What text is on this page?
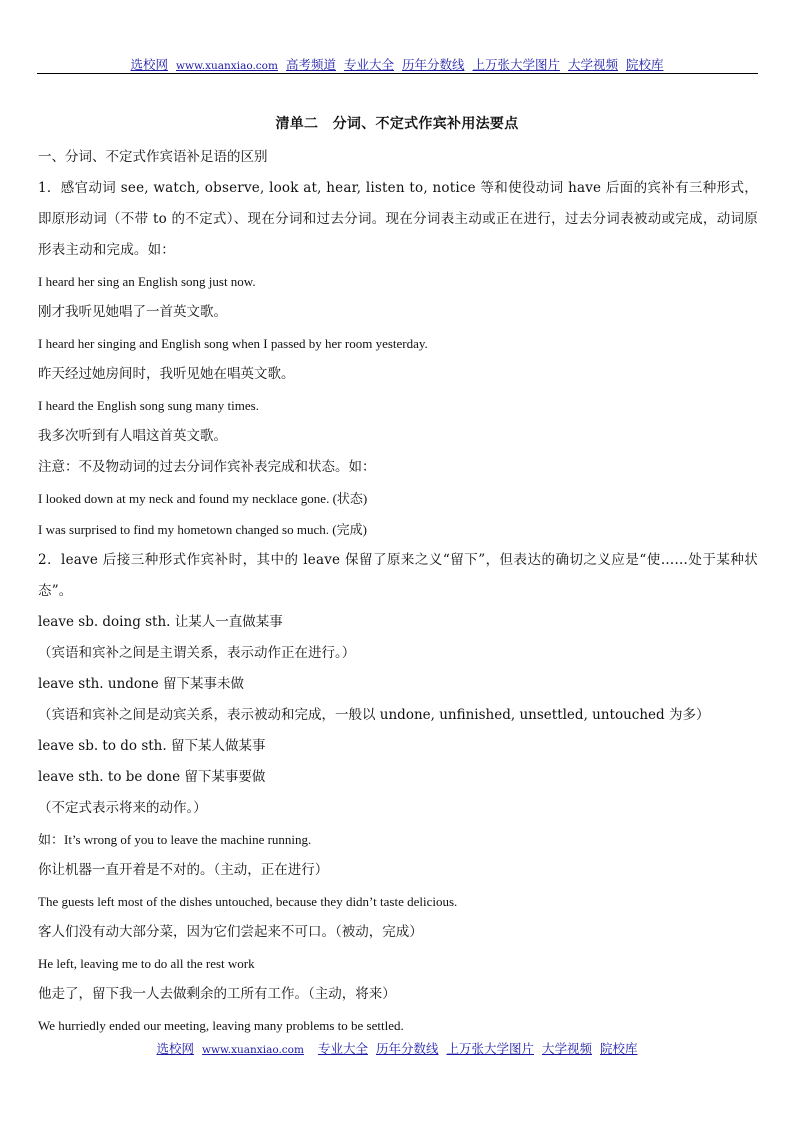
选校网 www.xuanxiao.com 高考频道 专业大全 历年分数线 上万张大学图片 大学视频 院校库
清单二　分词、不定式作宾补用法要点

一、分词、不定式作宾语补足语的区别

1．感官动词 see, watch, observe, look at, hear, listen to, notice 等和使役动词 have 后面的宾补有三种形式，即原形动词（不带 to 的不定式）、现在分词和过去分词。现在分词表主动或正在进行，过去分词表被动或完成，动词原形表主动和完成。如：

I heard her sing an English song just now.

刚才我听见她唱了一首英文歌。

I heard her singing and English song when I passed by her room yesterday.

昨天经过她房间时，我听见她在唱英文歌。

I heard the English song sung many times.

我多次听到有人唱这首英文歌。

注意：不及物动词的过去分词作宾补表完成和状态。如：

I looked down at my neck and found my necklace gone. (状态)

I was surprised to find my hometown changed so much. (完成)

2．leave 后接三种形式作宾补时，其中的 leave 保留了原来之义“留下”，但表达的确切之义应是“使……处于某种状态”。

leave sb. doing sth. 让某人一直做某事

（宾语和宾补之间是主谓关系，表示动作正在进行。）

leave sth. undone 留下某事未做

（宾语和宾补之间是动宾关系，表示被动和完成，一般以 undone, unfinished, unsettled, untouched 为多）

leave sb. to do sth. 留下某人做某事

leave sth. to be done 留下某事要做

（不定式表示将来的动作。）

如：It’s wrong of you to leave the machine running.

你让机器一直开着是不对的。（主动，正在进行）

The guests left most of the dishes untouched, because they didn’t taste delicious.

客人们没有动大部分菜，因为它们尝起来不可口。（被动，完成）

He left, leaving me to do all the rest work

他走了，留下我一人去做剩余的工所有工作。（主动，将来）

We hurriedly ended our meeting, leaving many problems to be settled.

选校网 www.xuanxiao.com 专业大全 历年分数线 上万张大学图片 大学视频 院校库
